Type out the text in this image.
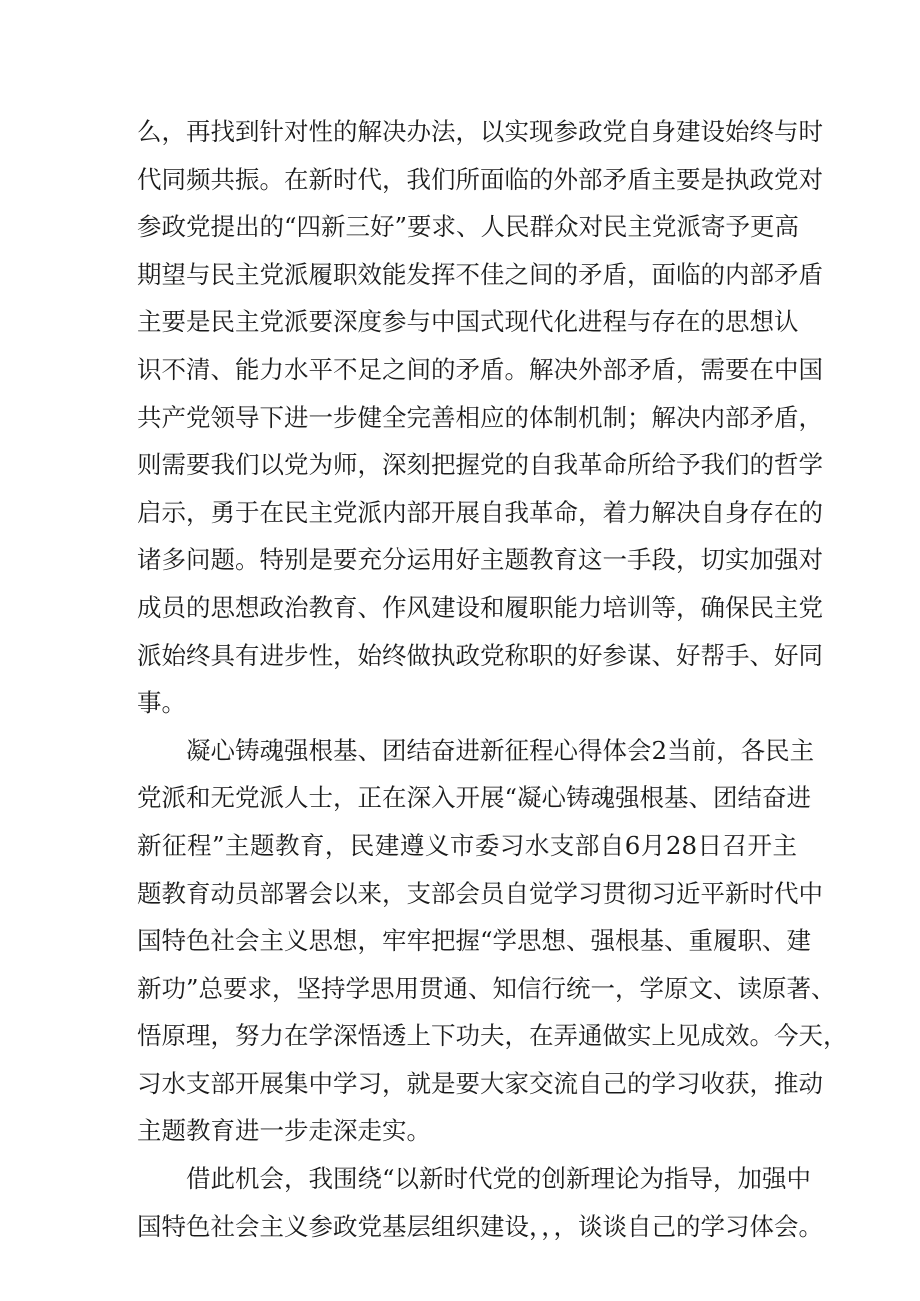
么，再找到针对性的解决办法，以实现参政党自身建设始终与时
代同频共振。在新时代，我们所面临的外部矛盾主要是执政党对
参政党提出的“四新三好”要求、人民群众对民主党派寄予更高
期望与民主党派履职效能发挥不佳之间的矛盾，面临的内部矛盾
主要是民主党派要深度参与中国式现代化进程与存在的思想认
识不清、能力水平不足之间的矛盾。解决外部矛盾，需要在中国
共产党领导下进一步健全完善相应的体制机制；解决内部矛盾，
则需要我们以党为师，深刻把握党的自我革命所给予我们的哲学
启示，勇于在民主党派内部开展自我革命，着力解决自身存在的
诸多问题。特别是要充分运用好主题教育这一手段，切实加强对
成员的思想政治教育、作风建设和履职能力培训等，确保民主党
派始终具有进步性，始终做执政党称职的好参谋、好帮手、好同
事。
凝心铸魂强根基、团结奋进新征程心得体会2当前，各民主
党派和无党派人士，正在深入开展“凝心铸魂强根基、团结奋进
新征程”主题教育，民建遵义市委习水支部自6月28日召开主
题教育动员部署会以来，支部会员自觉学习贯彻习近平新时代中
国特色社会主义思想，牢牢把握“学思想、强根基、重履职、建
新功”总要求，坚持学思用贯通、知信行统一，学原文、读原著、
悟原理，努力在学深悟透上下功夫，在弄通做实上见成效。今天，
习水支部开展集中学习，就是要大家交流自己的学习收获，推动
主题教育进一步走深走实。
借此机会，我围绕“以新时代党的创新理论为指导，加强中
国特色社会主义参政党基层组织建设，，，谈谈自己的学习体会。
